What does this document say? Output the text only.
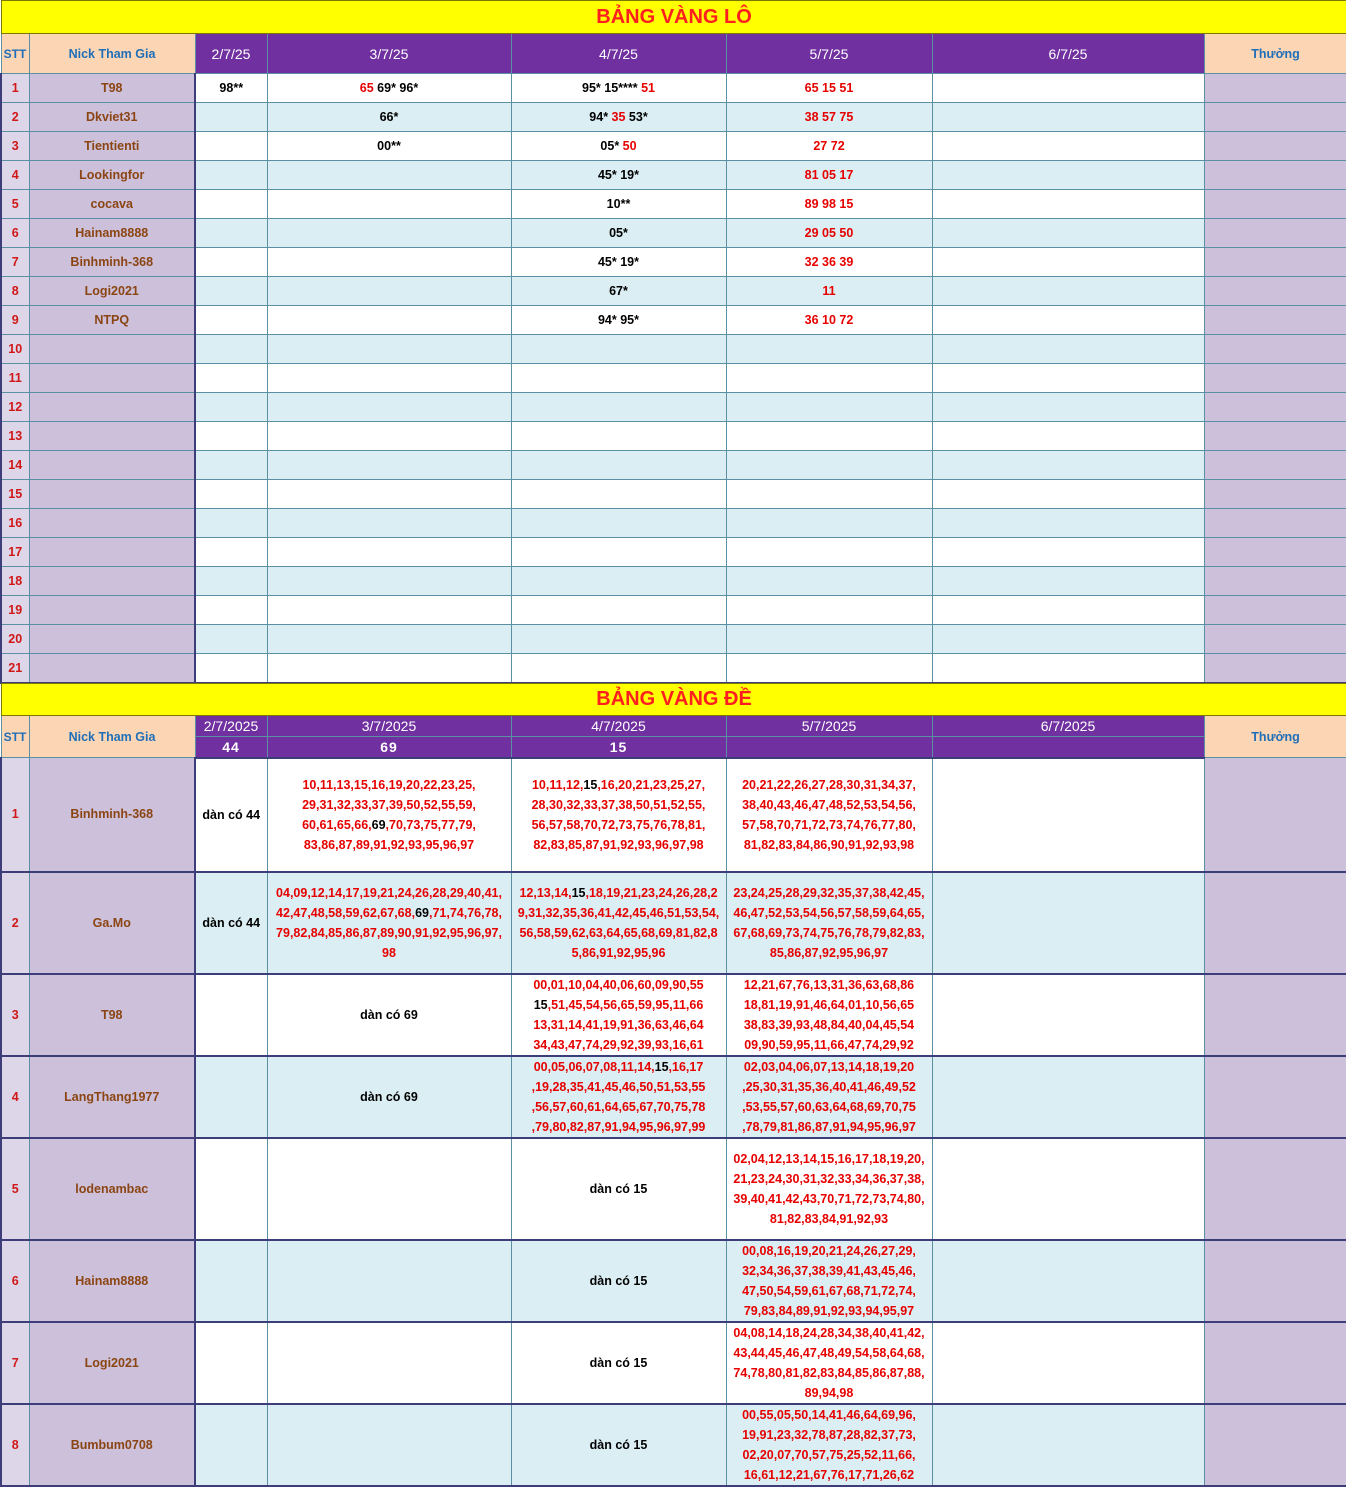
BẢNG VÀNG LÔ							
STT	Nick Tham Gia	2/7/25	3/7/25	4/7/25	5/7/25	6/7/25	Thưởng
1	T98	98**	65 69* 96*	95* 15**** 51	65 15 51		
2	Dkviet31		66*	94* 35 53*	38 57 75		
3	Tientienti		00**	05* 50	27 72		
4	Lookingfor			45* 19*	81 05 17		
5	cocava			10**	89 98 15		
6	Hainam8888			05*	29 05 50		
7	Binhminh-368			45* 19*	32 36 39		
8	Logi2021			67*	11		
9	NTPQ			94* 95*	36 10 72		
10							
11							
12							
13							
14							
15							
16							
17							
18							
19							
20							
21							
BẢNG VÀNG ĐỀ							
STT	Nick Tham Gia	2/7/2025	3/7/2025	4/7/2025	5/7/2025	6/7/2025	Thưởng
		44	69	15			
1	Binhminh-368	dàn có 44	10,11,13,15,16,19,20,22,23,25,
29,31,32,33,37,39,50,52,55,59,
60,61,65,66,69,70,73,75,77,79,
83,86,87,89,91,92,93,95,96,97	10,11,12,15,16,20,21,23,25,27,
28,30,32,33,37,38,50,51,52,55,
56,57,58,70,72,73,75,76,78,81,
82,83,85,87,91,92,93,96,97,98	20,21,22,26,27,28,30,31,34,37,
38,40,43,46,47,48,52,53,54,56,
57,58,70,71,72,73,74,76,77,80,
81,82,83,84,86,90,91,92,93,98		
2	Ga.Mo	dàn có 44	04,09,12,14,17,19,21,24,26,28,29,40,41,
42,47,48,58,59,62,67,68,69,71,74,76,78,
79,82,84,85,86,87,89,90,91,92,95,96,97,
98	12,13,14,15,18,19,21,23,24,26,28,2
9,31,32,35,36,41,42,45,46,51,53,54,
56,58,59,62,63,64,65,68,69,81,82,8
5,86,91,92,95,96	23,24,25,28,29,32,35,37,38,42,45,
46,47,52,53,54,56,57,58,59,64,65,
67,68,69,73,74,75,76,78,79,82,83,
85,86,87,92,95,96,97		
3	T98		dàn có 69	00,01,10,04,40,06,60,09,90,55
15,51,45,54,56,65,59,95,11,66
13,31,14,41,19,91,36,63,46,64
34,43,47,74,29,92,39,93,16,61	12,21,67,76,13,31,36,63,68,86
18,81,19,91,46,64,01,10,56,65
38,83,39,93,48,84,40,04,45,54
09,90,59,95,11,66,47,74,29,92		
4	LangThang1977		dàn có 69	00,05,06,07,08,11,14,15,16,17
,19,28,35,41,45,46,50,51,53,55
,56,57,60,61,64,65,67,70,75,78
,79,80,82,87,91,94,95,96,97,99	02,03,04,06,07,13,14,18,19,20
,25,30,31,35,36,40,41,46,49,52
,53,55,57,60,63,64,68,69,70,75
,78,79,81,86,87,91,94,95,96,97		
5	lodenambac			dàn có 15	02,04,12,13,14,15,16,17,18,19,20,
21,23,24,30,31,32,33,34,36,37,38,
39,40,41,42,43,70,71,72,73,74,80,
81,82,83,84,91,92,93		
6	Hainam8888			dàn có 15	00,08,16,19,20,21,24,26,27,29,
32,34,36,37,38,39,41,43,45,46,
47,50,54,59,61,67,68,71,72,74,
79,83,84,89,91,92,93,94,95,97		
7	Logi2021			dàn có 15	04,08,14,18,24,28,34,38,40,41,42,
43,44,45,46,47,48,49,54,58,64,68,
74,78,80,81,82,83,84,85,86,87,88,
89,94,98		
8	Bumbum0708			dàn có 15	00,55,05,50,14,41,46,64,69,96,
19,91,23,32,78,87,28,82,37,73,
02,20,07,70,57,75,25,52,11,66,
16,61,12,21,67,76,17,71,26,62		
